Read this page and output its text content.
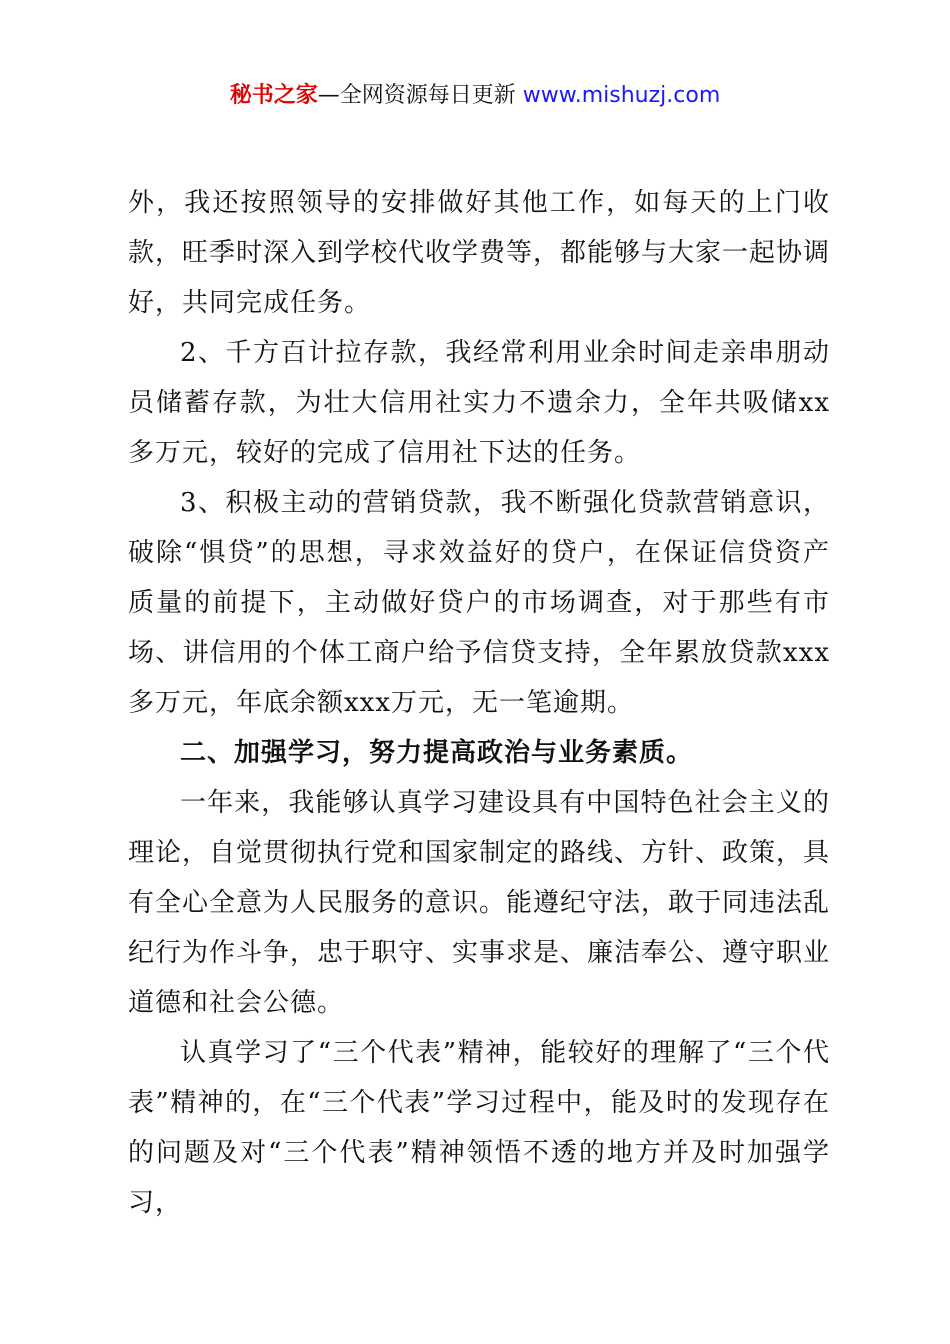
秘书之家—全网资源每日更新 www.mishuzj.com

外，我还按照领导的安排做好其他工作，如每天的上门收款，旺季时深入到学校代收学费等，都能够与大家一起协调好，共同完成任务。

2、千方百计拉存款，我经常利用业余时间走亲串朋动员储蓄存款，为壮大信用社实力不遗余力，全年共吸储xx多万元，较好的完成了信用社下达的任务。

3、积极主动的营销贷款，我不断强化贷款营销意识，破除“惧贷”的思想，寻求效益好的贷户，在保证信贷资产质量的前提下，主动做好贷户的市场调查，对于那些有市场、讲信用的个体工商户给予信贷支持，全年累放贷款xxx多万元，年底余额xxx万元，无一笔逾期。

二、加强学习，努力提高政治与业务素质。

一年来，我能够认真学习建设具有中国特色社会主义的理论，自觉贯彻执行党和国家制定的路线、方针、政策，具有全心全意为人民服务的意识。能遵纪守法，敢于同违法乱纪行为作斗争，忠于职守、实事求是、廉洁奉公、遵守职业道德和社会公德。

认真学习了“三个代表”精神，能较好的理解了“三个代表”精神的，在“三个代表”学习过程中，能及时的发现存在的问题及对“三个代表”精神领悟不透的地方并及时加强学习，
